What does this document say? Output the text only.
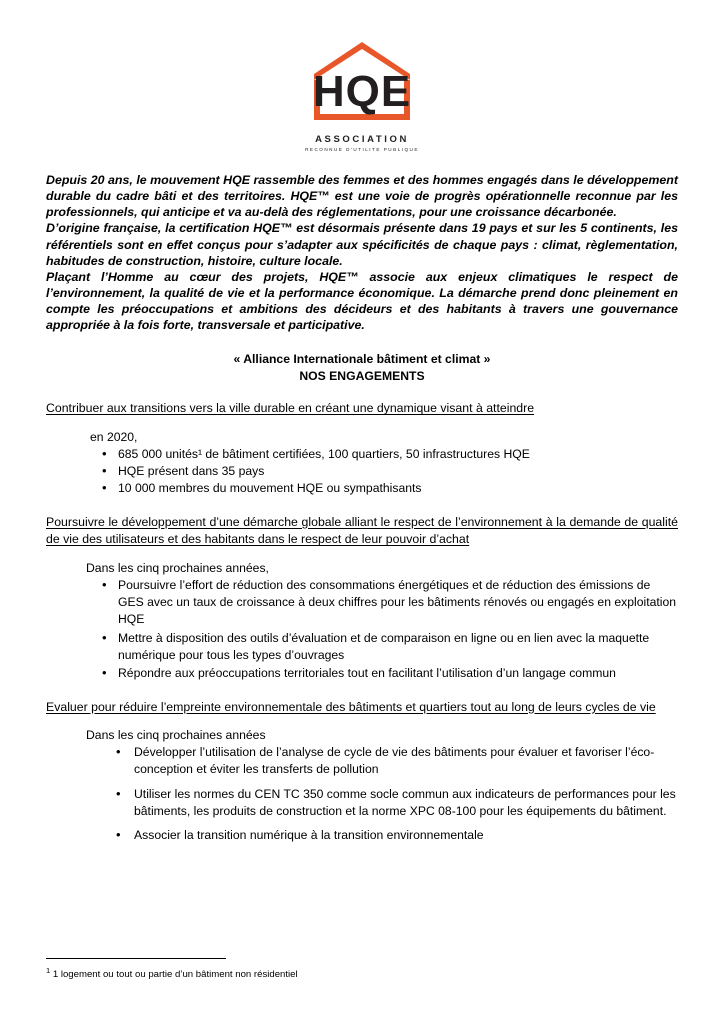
HQE
ASSOCIATION
RECONNUE D'UTILITE PUBLIQUE

Depuis 20 ans, le mouvement HQE rassemble des femmes et des hommes engagés dans le développement durable du cadre bâti et des territoires. HQE™ est une voie de progrès opérationnelle reconnue par les professionnels, qui anticipe et va au-delà des réglementations, pour une croissance décarbonée.

D’origine française, la certification HQE™ est désormais présente dans 19 pays et sur les 5 continents, les référentiels sont en effet conçus pour s’adapter aux spécificités de chaque pays : climat, règlementation, habitudes de construction, histoire, culture locale.

Plaçant l’Homme au cœur des projets, HQE™ associe aux enjeux climatiques le respect de l’environnement, la qualité de vie et la performance économique. La démarche prend donc pleinement en compte les préoccupations et ambitions des décideurs et des habitants à travers une gouvernance appropriée à la fois forte, transversale et participative.

« Alliance Internationale bâtiment et climat »
NOS ENGAGEMENTS
Contribuer aux transitions vers la ville durable en créant une dynamique visant à atteindre
en 2020,
• 685 000 unités¹ de bâtiment certifiées, 100 quartiers, 50 infrastructures HQE
• HQE présent dans 35 pays
• 10 000 membres du mouvement HQE ou sympathisants
Poursuivre le développement d’une démarche globale alliant le respect de l’environnement à la demande de qualité de vie des utilisateurs et des habitants dans le respect de leur pouvoir d’achat
Dans les cinq prochaines années,
• Poursuivre l’effort de réduction des consommations énergétiques et de réduction des émissions de GES avec un taux de croissance à deux chiffres pour les bâtiments rénovés ou engagés en exploitation HQE
• Mettre à disposition des outils d’évaluation et de comparaison en ligne ou en lien avec la maquette numérique pour tous les types d’ouvrages
• Répondre aux préoccupations territoriales tout en facilitant l’utilisation d’un langage commun
Evaluer pour réduire l’empreinte environnementale des bâtiments et quartiers tout au long de leurs cycles de vie
Dans les cinq prochaines années
• Développer l’utilisation de l’analyse de cycle de vie des bâtiments pour évaluer et favoriser l’éco-conception et éviter les transferts de pollution
• Utiliser les normes du CEN TC 350 comme socle commun aux indicateurs de performances pour les bâtiments, les produits de construction et la norme XPC 08-100 pour les équipements du bâtiment.
• Associer la transition numérique à la transition environnementale
$^1$ 1 logement ou tout ou partie d’un bâtiment non résidentiel
